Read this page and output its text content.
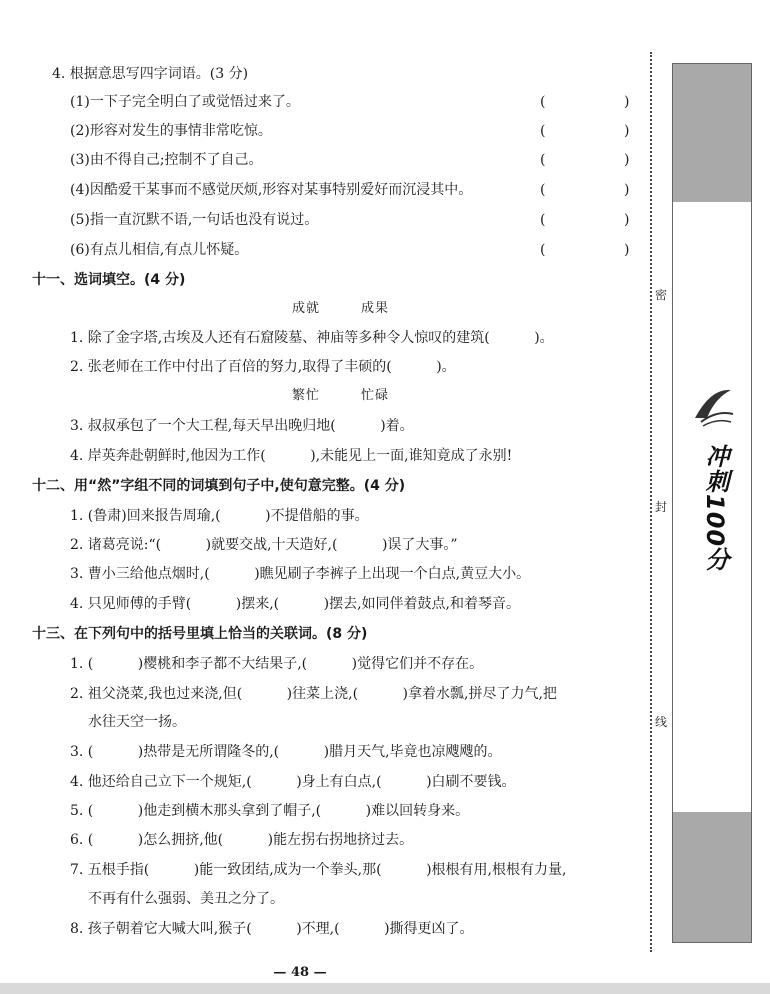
4. 根据意思写四字词语。(3 分)
(1)一下子完全明白了或觉悟过来了。	(	)
(2)形容对发生的事情非常吃惊。	(	)
(3)由不得自己;控制不了自己。	(	)
(4)因酷爱干某事而不感觉厌烦,形容对某事特别爱好而沉浸其中。	(	)
(5)指一直沉默不语,一句话也没有说过。	(	)
(6)有点儿相信,有点儿怀疑。	(	)
十一、选词填空。(4 分)
成就        成果
1. 除了金字塔,古埃及人还有石窟陵墓、神庙等多种令人惊叹的建筑(          )。
2. 张老师在工作中付出了百倍的努力,取得了丰硕的(          )。
繁忙        忙碌
3. 叔叔承包了一个大工程,每天早出晚归地(          )着。
4. 岸英奔赴朝鲜时,他因为工作(          ),未能见上一面,谁知竟成了永别!
十二、用“然”字组不同的词填到句子中,使句意完整。(4 分)
1. (鲁肃)回来报告周瑜,(          )不提借船的事。
2. 诸葛亮说:“(          )就要交战,十天造好,(          )误了大事。”
3. 曹小三给他点烟时,(          )瞧见刷子李裤子上出现一个白点,黄豆大小。
4. 只见师傅的手臂(          )摆来,(          )摆去,如同伴着鼓点,和着琴音。
十三、在下列句中的括号里填上恰当的关联词。(8 分)
1. (          )樱桃和李子都不大结果子,(          )觉得它们并不存在。
2. 祖父浇菜,我也过来浇,但(          )往菜上浇,(          )拿着水瓢,拼尽了力气,把
水往天空一扬。
3. (          )热带是无所谓隆冬的,(          )腊月天气,毕竟也凉飕飕的。
4. 他还给自己立下一个规矩,(          )身上有白点,(          )白刷不要钱。
5. (          )他走到横木那头拿到了帽子,(          )难以回转身来。
6. (          )怎么拥挤,他(          )能左拐右拐地挤过去。
7. 五根手指(          )能一致团结,成为一个拳头,那(          )根根有用,根根有力量,
不再有什么强弱、美丑之分了。
8. 孩子朝着它大喊大叫,猴子(          )不理,(          )撕得更凶了。
密
封
线
冲刺100分
— 48 —
